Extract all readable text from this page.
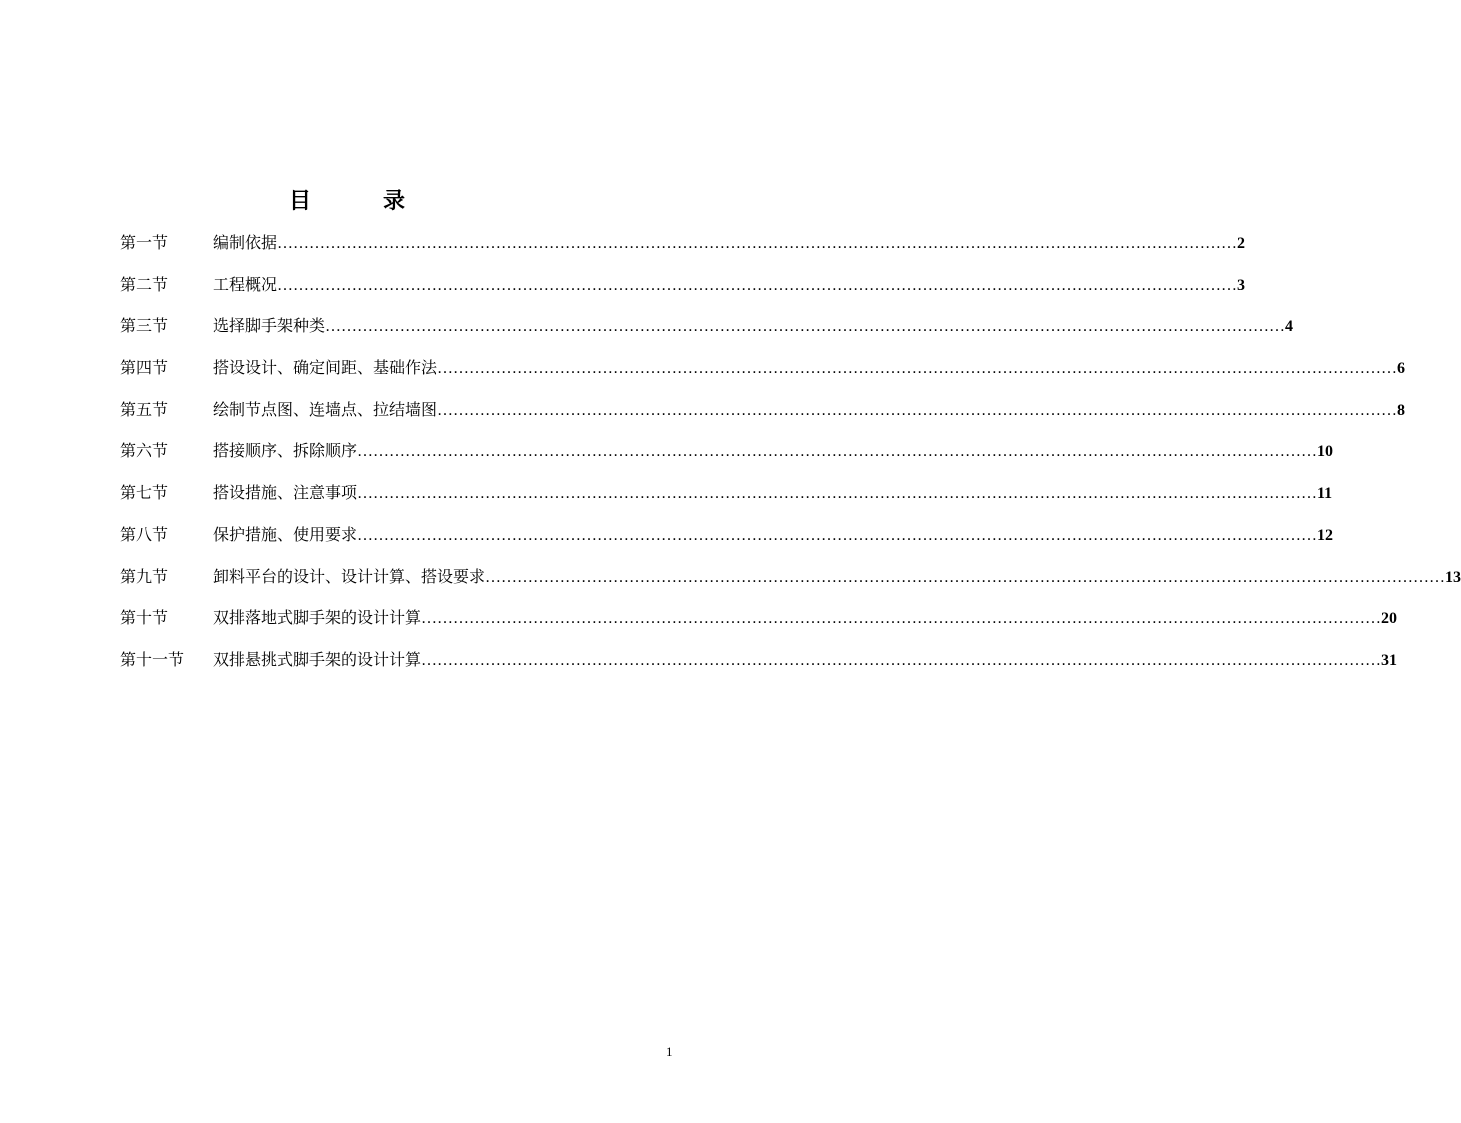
目	录
第一节	编制依据 ……………………………………………………………………………………………………………………………………………………………… 2
第二节	工程概况 ……………………………………………………………………………………………………………………………………………………………… 3
第三节	选择脚手架种类 ……………………………………………………………………………………………………………………………………………………………… 4
第四节	搭设设计、确定间距、基础作法 ……………………………………………………………………………………………………………………………………………………………… 6
第五节	绘制节点图、连墙点、拉结墙图 ……………………………………………………………………………………………………………………………………………………………… 8
第六节	搭接顺序、拆除顺序 ……………………………………………………………………………………………………………………………………………………………… 10
第七节	搭设措施、注意事项 ……………………………………………………………………………………………………………………………………………………………… 11
第八节	保护措施、使用要求 ……………………………………………………………………………………………………………………………………………………………… 12
第九节	卸料平台的设计、设计计算、搭设要求 ……………………………………………………………………………………………………………………………………………………………… 13
第十节	双排落地式脚手架的设计计算 ……………………………………………………………………………………………………………………………………………………………… 20
第十一节 双排悬挑式脚手架的设计计算 ……………………………………………………………………………………………………………………………………………………………… 31
1
